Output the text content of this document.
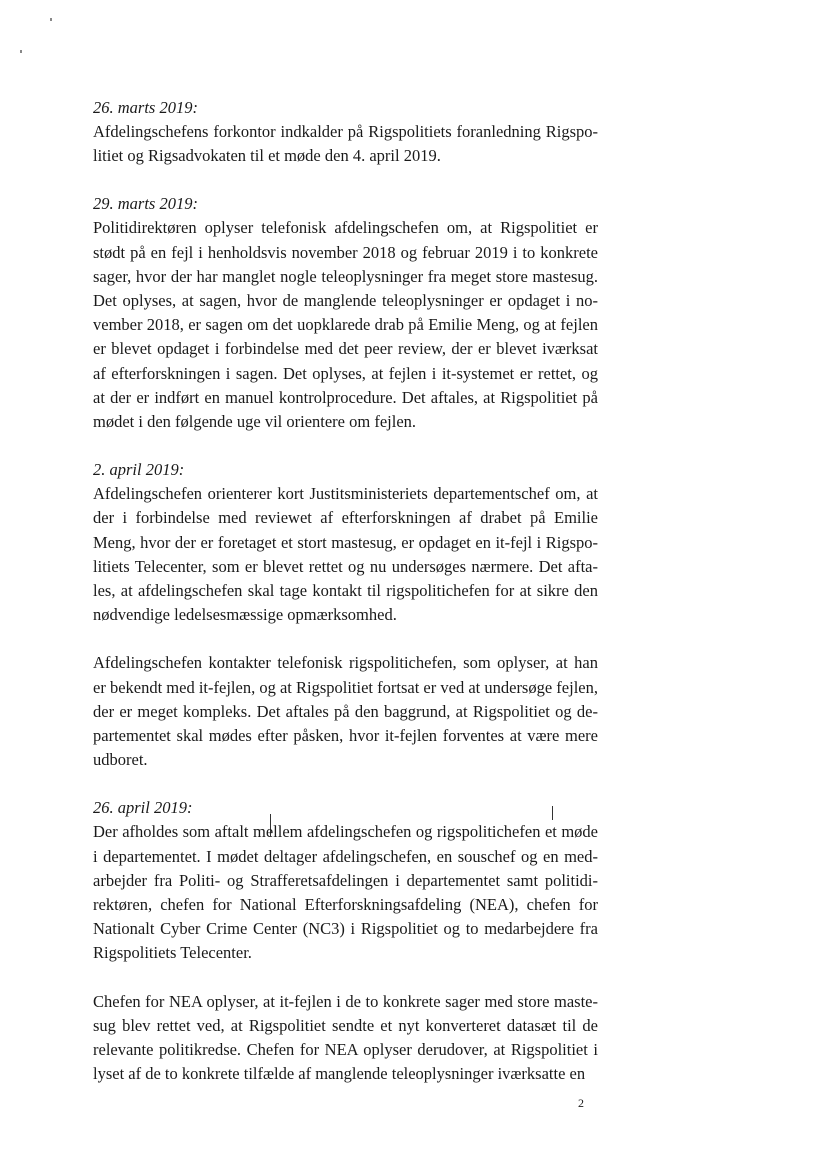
26. marts 2019:

Afdelingschefens forkontor indkalder på Rigspolitiets foranledning Rigspo-
litiet og Rigsadvokaten til et møde den 4. april 2019.

29. marts 2019:

Politidirektøren oplyser telefonisk afdelingschefen om, at Rigspolitiet er
stødt på en fejl i henholdsvis november 2018 og februar 2019 i to konkrete
sager, hvor der har manglet nogle teleoplysninger fra meget store mastesug.
Det oplyses, at sagen, hvor de manglende teleoplysninger er opdaget i no-
vember 2018, er sagen om det uopklarede drab på Emilie Meng, og at fejlen
er blevet opdaget i forbindelse med det peer review, der er blevet iværksat
af efterforskningen i sagen. Det oplyses, at fejlen i it-systemet er rettet, og
at der er indført en manuel kontrolprocedure. Det aftales, at Rigspolitiet på
mødet i den følgende uge vil orientere om fejlen.

2. april 2019:

Afdelingschefen orienterer kort Justitsministeriets departementschef om, at
der i forbindelse med reviewet af efterforskningen af drabet på Emilie
Meng, hvor der er foretaget et stort mastesug, er opdaget en it-fejl i Rigspo-
litiets Telecenter, som er blevet rettet og nu undersøges nærmere. Det afta-
les, at afdelingschefen skal tage kontakt til rigspolitichefen for at sikre den
nødvendige ledelsesmæssige opmærksomhed.

Afdelingschefen kontakter telefonisk rigspolitichefen, som oplyser, at han
er bekendt med it-fejlen, og at Rigspolitiet fortsat er ved at undersøge fejlen,
der er meget kompleks. Det aftales på den baggrund, at Rigspolitiet og de-
partementet skal mødes efter påsken, hvor it-fejlen forventes at være mere
udboret.

26. april 2019:

Der afholdes som aftalt mellem afdelingschefen og rigspolitichefen et møde
i departementet. I mødet deltager afdelingschefen, en souschef og en med-
arbejder fra Politi- og Strafferetsafdelingen i departementet samt politidi-
rektøren, chefen for National Efterforskningsafdeling (NEA), chefen for
Nationalt Cyber Crime Center (NC3) i Rigspolitiet og to medarbejdere fra
Rigspolitiets Telecenter.

Chefen for NEA oplyser, at it-fejlen i de to konkrete sager med store maste-
sug blev rettet ved, at Rigspolitiet sendte et nyt konverteret datasæt til de
relevante politikredse. Chefen for NEA oplyser derudover, at Rigspolitiet i
lyset af de to konkrete tilfælde af manglende teleoplysninger iværksatte en

2
